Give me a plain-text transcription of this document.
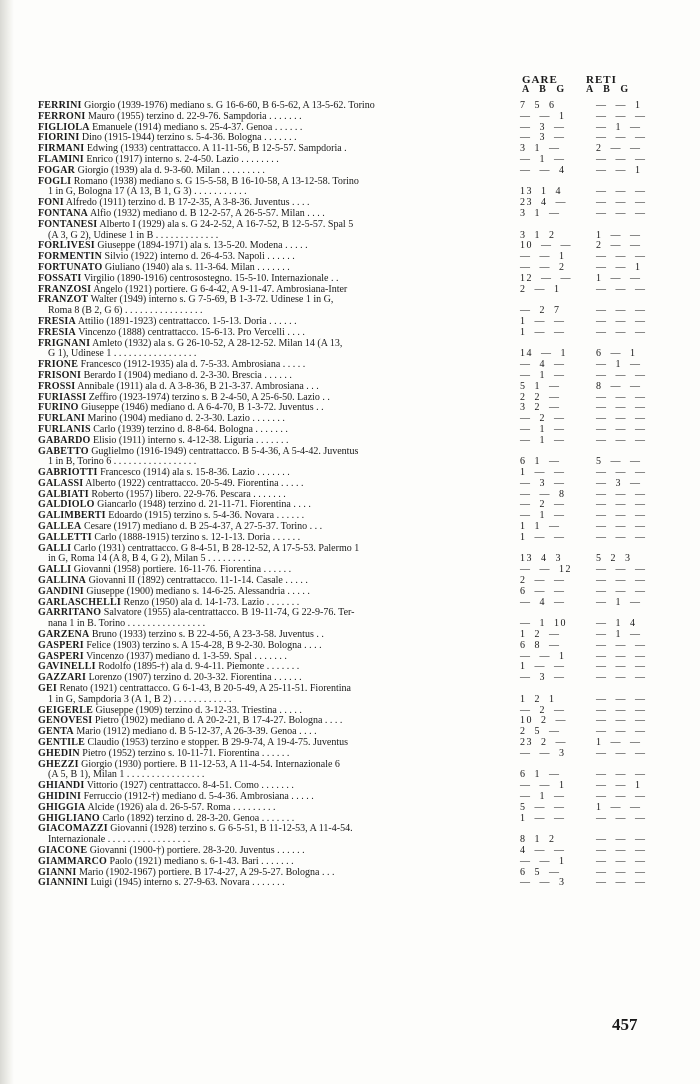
GARE
A B G
RETI
A B G
FERRINI Giorgio (1939-1976) mediano s. G 16-6-60, B 6-5-62, A 13-5-62. Torino	7  5  6	—  —  1
FERRONI Mauro (1955) terzino d. 22-9-76. Sampdoria . . . . . . .	—  —  1	—  —  —
FIGLIOLA Emanuele (1914) mediano s. 25-4-37. Genoa . . . . . .	—  3  —	—  1  —
FIORINI Dino (1915-1944) terzino s. 5-4-36. Bologna . . . . . . .	—  3  —	—  —  —
FIRMANI Edwing (1933) centrattacco. A 11-11-56, B 12-5-57. Sampdoria .	3  1  —	2  —  —
FLAMINI Enrico (1917) interno s. 2-4-50. Lazio . . . . . . . .	—  1  —	—  —  —
FOGAR Giorgio (1939) ala d. 9-3-60. Milan . . . . . . . . .	—  —  4	—  —  1
FOGLI Romano (1938) mediano s. G 15-5-58, B 16-10-58, A 13-12-58. Torino
1 in G, Bologna 17 (A 13, B 1, G 3) . . . . . . . . . . .	13  1  4	—  —  —
FONI Alfredo (1911) terzino d. B 17-2-35, A 3-8-36. Juventus . . . .	23  4  —	—  —  —
FONTANA Alfio (1932) mediano d. B 12-2-57, A 26-5-57. Milan . . . .	3  1  —	—  —  —
FONTANESI Alberto I (1929) ala s. G 24-2-52, A 16-7-52, B 12-5-57. Spal 5
(A 3, G 2), Udinese 1 in B . . . . . . . . . . . . .	3  1  2	1  —  —
FORLIVESI Giuseppe (1894-1971) ala s. 13-5-20. Modena . . . . .	10  —  —	2  —  —
FORMENTIN Silvio (1922) interno d. 26-4-53. Napoli . . . . . .	—  —  1	—  —  —
FORTUNATO Giuliano (1940) ala s. 11-3-64. Milan . . . . . . .	—  —  2	—  —  1
FOSSATI Virgilio (1890-1916) centrosostegno. 15-5-10. Internazionale . .	12  —  —	1  —  —
FRANZOSI Angelo (1921) portiere. G 6-4-42, A 9-11-47. Ambrosiana-Inter	2  —  1	—  —  —
FRANZOT Walter (1949) interno s. G 7-5-69, B 1-3-72. Udinese 1 in G,
Roma 8 (B 2, G 6) . . . . . . . . . . . . . . . .	—  2  7	—  —  —
FRESIA Attilio (1891-1923) centrattacco. 1-5-13. Doria . . . . . .	1  —  —	—  —  —
FRESIA Vincenzo (1888) centrattacco. 15-6-13. Pro Vercelli . . . .	1  —  —	—  —  —
FRIGNANI Amleto (1932) ala s. G 26-10-52, A 28-12-52. Milan 14 (A 13,
G 1), Udinese 1 . . . . . . . . . . . . . . . . .	14  —  1	6  —  1
FRIONE Francesco (1912-1935) ala d. 7-5-33. Ambrosiana . . . . .	—  4  —	—  1  —
FRISONI Berardo I (1904) mediano d. 2-3-30. Brescia . . . . . .	—  1  —	—  —  —
FROSSI Annibale (1911) ala d. A 3-8-36, B 21-3-37. Ambrosiana . . .	5  1  —	8  —  —
FURIASSI Zeffiro (1923-1974) terzino s. B 2-4-50, A 25-6-50. Lazio . .	2  2  —	—  —  —
FURINO Giuseppe (1946) mediano d. A 6-4-70, B 1-3-72. Juventus . .	3  2  —	—  —  —
FURLANI Marino (1904) mediano d. 2-3-30. Lazio . . . . . . .	—  2  —	—  —  —
FURLANIS Carlo (1939) terzino d. 8-8-64. Bologna . . . . . . .	—  1  —	—  —  —
GABARDO Elisio (1911) interno s. 4-12-38. Liguria . . . . . . .	—  1  —	—  —  —
GABETTO Guglielmo (1916-1949) centrattacco. B 5-4-36, A 5-4-42. Juventus
1 in B, Torino 6 . . . . . . . . . . . . . . . . .	6  1  —	5  —  —
GABRIOTTI Francesco (1914) ala s. 15-8-36. Lazio . . . . . . .	1  —  —	—  —  —
GALASSI Alberto (1922) centrattacco. 20-5-49. Fiorentina . . . . .	—  3  —	—  3  —
GALBIATI Roberto (1957) libero. 22-9-76. Pescara . . . . . . .	—  —  8	—  —  —
GALDIOLO Giancarlo (1948) terzino d. 21-11-71. Fiorentina . . . .	—  2  —	—  —  —
GALIMBERTI Edoardo (1915) terzino s. 5-4-36. Novara . . . . . .	—  1  —	—  —  —
GALLEA Cesare (1917) mediano d. B 25-4-37, A 27-5-37. Torino . . .	1  1  —	—  —  —
GALLETTI Carlo (1888-1915) terzino s. 12-1-13. Doria . . . . . .	1  —  —	—  —  —
GALLI Carlo (1931) centrattacco. G 8-4-51, B 28-12-52, A 17-5-53. Palermo 1
in G, Roma 14 (A 8, B 4, G 2), Milan 5 . . . . . . . . .	13  4  3	5  2  3
GALLI Giovanni (1958) portiere. 16-11-76. Fiorentina . . . . . .	—  —  12	—  —  —
GALLINA Giovanni II (1892) centrattacco. 11-1-14. Casale . . . . .	2  —  —	—  —  —
GANDINI Giuseppe (1900) mediano s. 14-6-25. Alessandria . . . . .	6  —  —	—  —  —
GARLASCHELLI Renzo (1950) ala d. 14-1-73. Lazio . . . . . . .	—  4  —	—  1  —
GARRITANO Salvatore (1955) ala-centrattacco. B 19-11-74, G 22-9-76. Ter-
nana 1 in B. Torino . . . . . . . . . . . . . . . .	—  1  10	—  1  4
GARZENA Bruno (1933) terzino s. B 22-4-56, A 23-3-58. Juventus . .	1  2  —	—  1  —
GASPERI Felice (1903) terzino s. A 15-4-28, B 9-2-30. Bologna . . . .	6  8  —	—  —  —
GASPERI Vincenzo (1937) mediano d. 1-3-59. Spal . . . . . . .	—  —  1	—  —  —
GAVINELLI Rodolfo (1895-†) ala d. 9-4-11. Piemonte . . . . . . .	1  —  —	—  —  —
GAZZARI Lorenzo (1907) terzino d. 20-3-32. Fiorentina . . . . . .	—  3  —	—  —  —
GEI Renato (1921) centrattacco. G 6-1-43, B 20-5-49, A 25-11-51. Fiorentina
1 in G, Sampdoria 3 (A 1, B 2) . . . . . . . . . . . .	1  2  1	—  —  —
GEIGERLE Giuseppe (1909) terzino d. 3-12-33. Triestina . . . . .	—  2  —	—  —  —
GENOVESI Pietro (1902) mediano d. A 20-2-21, B 17-4-27. Bologna . . . .	10  2  —	—  —  —
GENTA Mario (1912) mediano d. B 5-12-37, A 26-3-39. Genoa . . . .	2  5  —	—  —  —
GENTILE Claudio (1953) terzino e stopper. B 29-9-74, A 19-4-75. Juventus	23  2  —	1  —  —
GHEDIN Pietro (1952) terzino s. 10-11-71. Fiorentina . . . . . .	—  —  3	—  —  —
GHEZZI Giorgio (1930) portiere. B 11-12-53, A 11-4-54. Internazionale 6
(A 5, B 1), Milan 1 . . . . . . . . . . . . . . . .	6  1  —	—  —  —
GHIANDI Vittorio (1927) centrattacco. 8-4-51. Como . . . . . . .	—  —  1	—  —  1
GHIDINI Ferruccio (1912-†) mediano d. 5-4-36. Ambrosiana . . . . .	—  1  —	—  —  —
GHIGGIA Alcide (1926) ala d. 26-5-57. Roma . . . . . . . . .	5  —  —	1  —  —
GHIGLIANO Carlo (1892) terzino d. 28-3-20. Genoa . . . . . . .	1  —  —	—  —  —
GIACOMAZZI Giovanni (1928) terzino s. G 6-5-51, B 11-12-53, A 11-4-54.
Internazionale . . . . . . . . . . . . . . . . .	8  1  2	—  —  —
GIACONE Giovanni (1900-†) portiere. 28-3-20. Juventus . . . . . .	4  —  —	—  —  —
GIAMMARCO Paolo (1921) mediano s. 6-1-43. Bari . . . . . . .	—  —  1	—  —  —
GIANNI Mario (1902-1967) portiere. B 17-4-27, A 29-5-27. Bologna . . .	6  5  —	—  —  —
GIANNINI Luigi (1945) interno s. 27-9-63. Novara . . . . . . .	—  —  3	—  —  —
457
